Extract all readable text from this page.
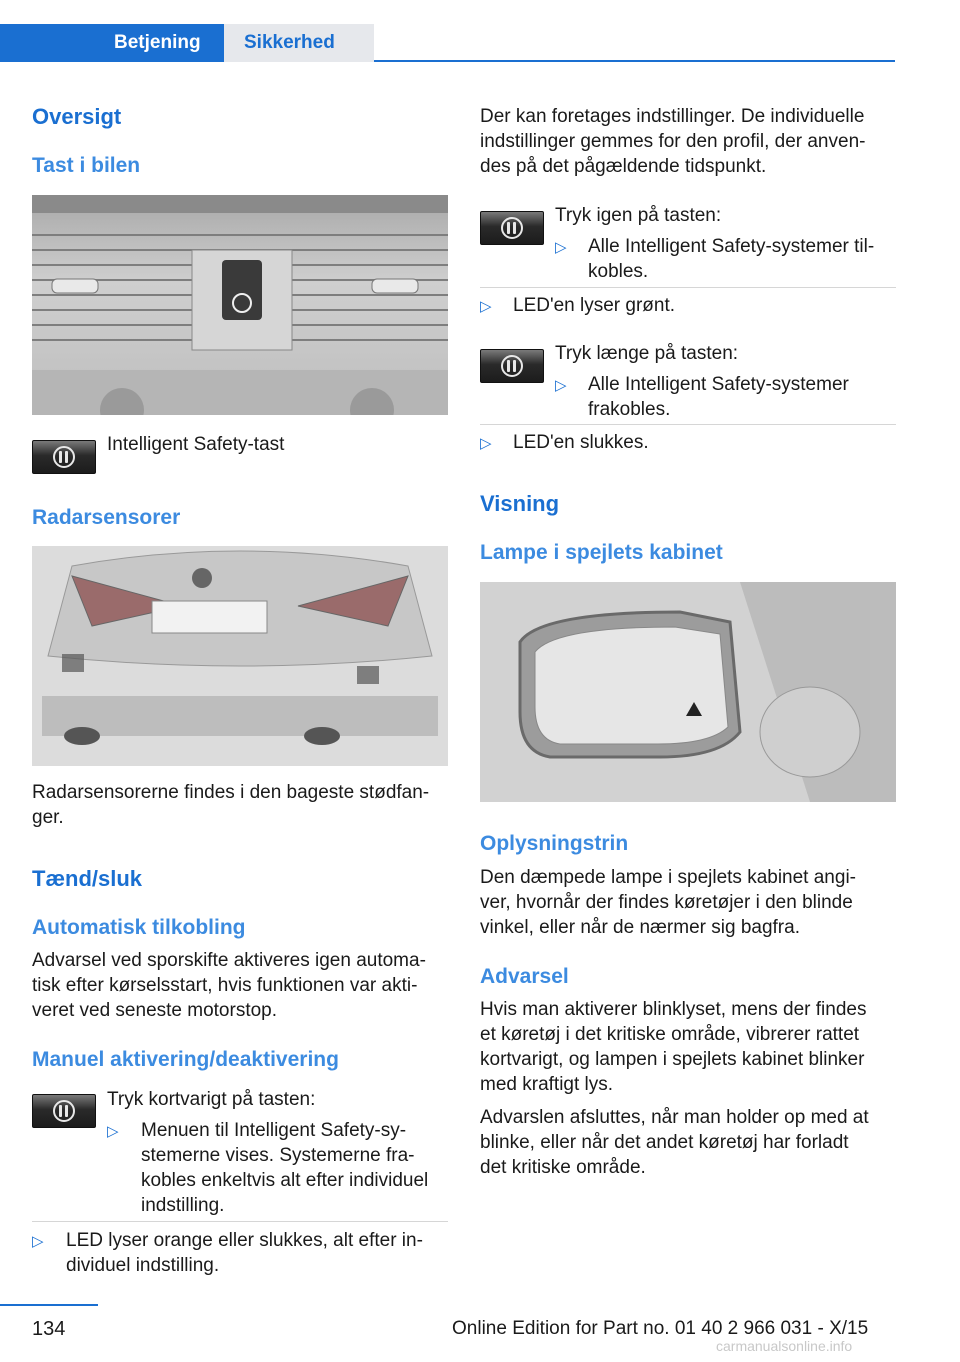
Betjening	Sikkerhed
Oversigt
Tast i bilen
Intelligent Safety-tast
Radarsensorer
Radarsensorerne findes i den bageste stødfan‐
ger.
Tænd/sluk
Automatisk tilkobling
Advarsel ved sporskifte aktiveres igen automa‐
tisk efter kørselsstart, hvis funktionen var akti‐
veret ved seneste motorstop.
Manuel aktivering/deaktivering
Tryk kortvarigt på tasten:
▷ Menuen til Intelligent Safety-sy‐
stemerne vises. Systemerne fra‐
kobles enkeltvis alt efter individuel
indstilling.
▷ LED lyser orange eller slukkes, alt efter in‐
dividuel indstilling.
Der kan foretages indstillinger. De individuelle
indstillinger gemmes for den profil, der anven‐
des på det pågældende tidspunkt.
Tryk igen på tasten:
▷ Alle Intelligent Safety-systemer til‐
kobles.
▷ LED'en lyser grønt.
Tryk længe på tasten:
▷ Alle Intelligent Safety-systemer
frakobles.
▷ LED'en slukkes.
Visning
Lampe i spejlets kabinet
Oplysningstrin
Den dæmpede lampe i spejlets kabinet angi‐
ver, hvornår der findes køretøjer i den blinde
vinkel, eller når de nærmer sig bagfra.
Advarsel
Hvis man aktiverer blinklyset, mens der findes
et køretøj i det kritiske område, vibrerer rattet
kortvarigt, og lampen i spejlets kabinet blinker
med kraftigt lys.
Advarslen afsluttes, når man holder op med at
blinke, eller når det andet køretøj har forladt
det kritiske område.
134	Online Edition for Part no. 01 40 2 966 031 - X/15
carmanualsonline.info
